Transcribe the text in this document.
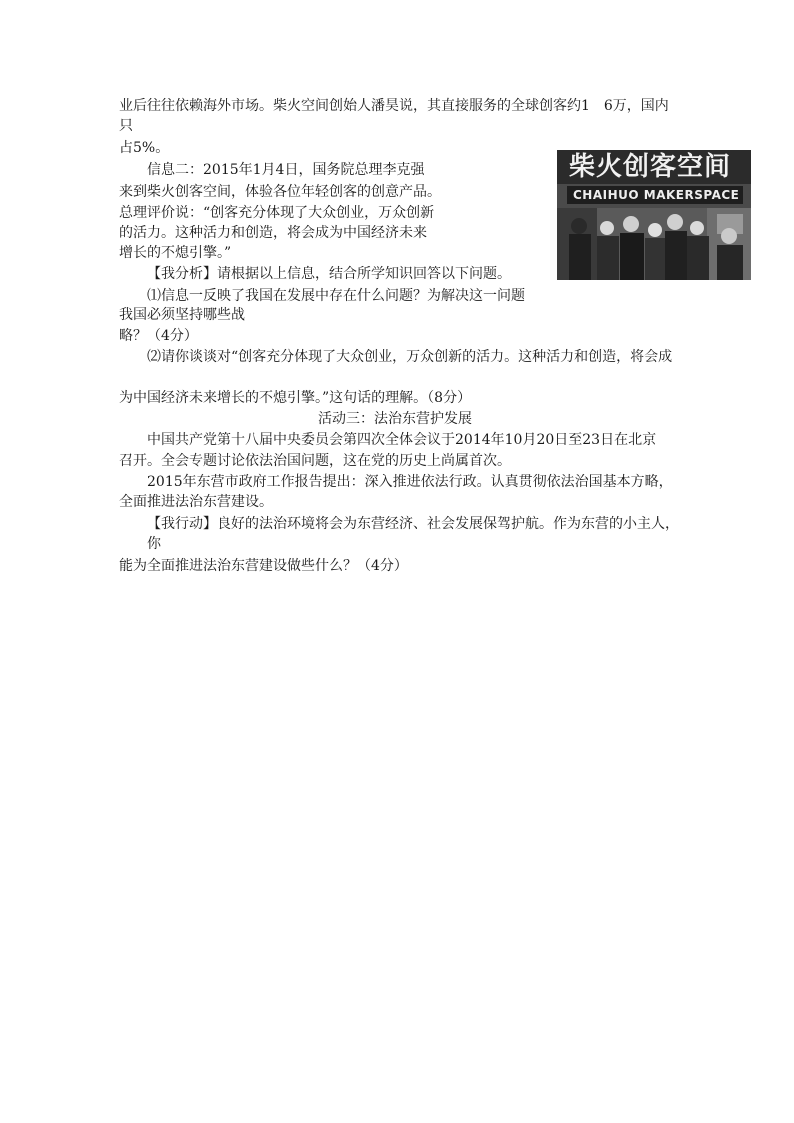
业后往往依赖海外市场。柴火空间创始人潘昊说，其直接服务的全球创客约1　6万，国内只
占5%。
信息二：2015年1月4日，国务院总理李克强
来到柴火创客空间，体验各位年轻创客的创意产品。
总理评价说：“创客充分体现了大众创业，万众创新
的活力。这种活力和创造，将会成为中国经济未来
增长的不熄引擎。”
【我分析】请根据以上信息，结合所学知识回答以下问题。
⑴信息一反映了我国在发展中存在什么问题？为解决这一问题
我国必须坚持哪些战
略？（4分）
⑵请你谈谈对“创客充分体现了大众创业，万众创新的活力。这种活力和创造，将会成
为中国经济未来增长的不熄引擎。”这句话的理解。（8分）
活动三：法治东营护发展
中国共产党第十八届中央委员会第四次全体会议于2014年10月20日至23日在北京
召开。全会专题讨论依法治国问题，这在党的历史上尚属首次。
2015年东营市政府工作报告提出：深入推进依法行政。认真贯彻依法治国基本方略，
全面推进法治东营建设。
【我行动】良好的法治环境将会为东营经济、社会发展保驾护航。作为东营的小主人，你
能为全面推进法治东营建设做些什么？（4分）
柴火创客空间
CHAIHUO MAKERSPACE
